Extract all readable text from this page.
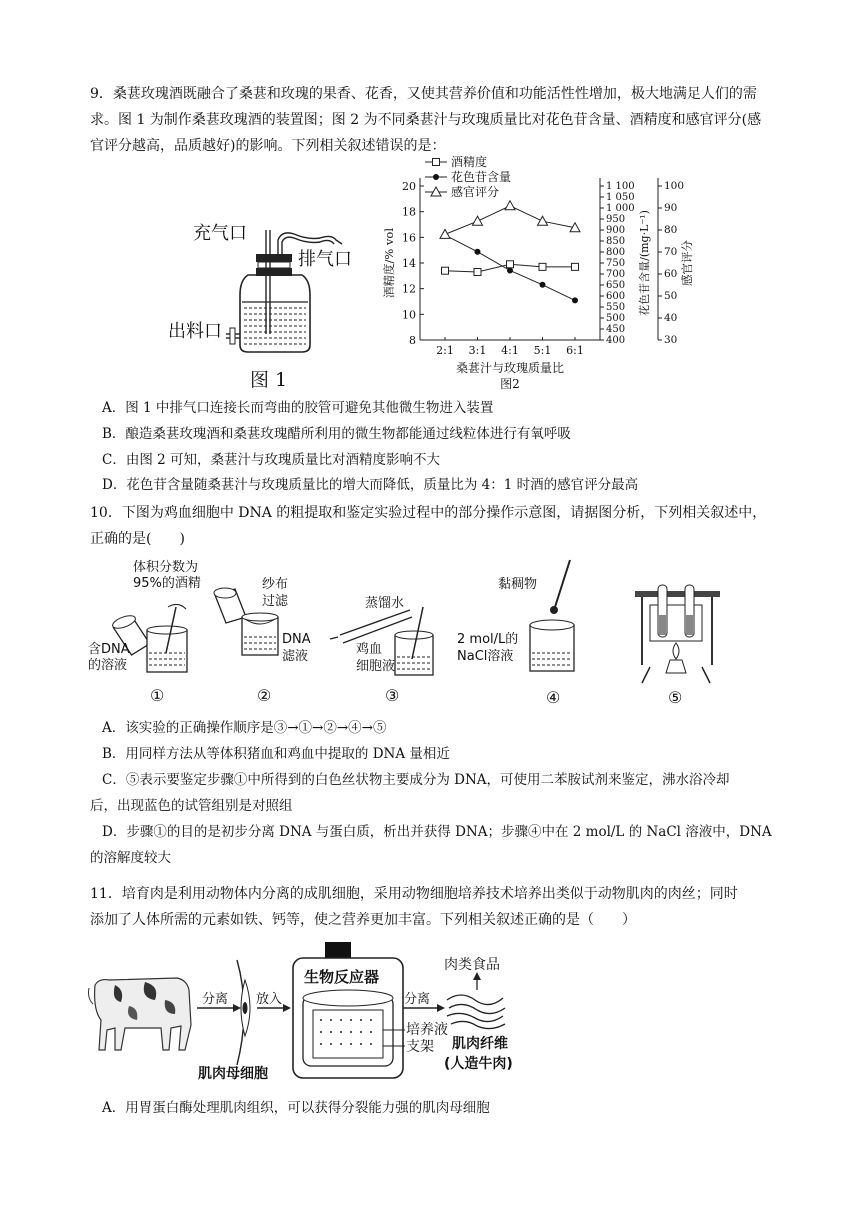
9．桑葚玫瑰酒既融合了桑葚和玫瑰的果香、花香，又使其营养价值和功能活性性增加，极大地满足人们的需
求。图 1 为制作桑葚玫瑰酒的装置图；图 2 为不同桑葚汁与玫瑰质量比对花色苷含量、酒精度和感官评分(感
官评分越高，品质越好)的影响。下列相关叙述错误的是：
充气口
排气口
出料口
图 1
8
10
12
14
16
18
20
400
450
500
550
600
650
700
750
800
850
900
950
1 000
1 050
1 100
30
40
50
60
70
80
90
100
2:1 3:1 4:1 5:1 6:1
酒精度/% vol	花色苷含量/(mg·L⁻¹)	感官评分
桑葚汁与玫瑰质量比
图2
酒精度
花色苷含量
感官评分
A．图 1 中排气口连接长而弯曲的胶管可避免其他微生物进入装置
B．酿造桑葚玫瑰酒和桑葚玫瑰醋所利用的微生物都能通过线粒体进行有氧呼吸
C．由图 2 可知，桑葚汁与玫瑰质量比对酒精度影响不大
D．花色苷含量随桑葚汁与玫瑰质量比的增大而降低，质量比为 4：1 时酒的感官评分最高
10．下图为鸡血细胞中 DNA 的粗提取和鉴定实验过程中的部分操作示意图，请据图分析，下列相关叙述中，
正确的是(　　)
体积分数为
95%的酒精
含DNA
的溶液
纱布
过滤
DNA
滤液
蒸馏水
鸡血
细胞液
黏稠物
2 mol/L的
NaCl溶液
①	②	③	④	⑤
A．该实验的正确操作顺序是③→①→②→④→⑤
B．用同样方法从等体积猪血和鸡血中提取的 DNA 量相近
C．⑤表示要鉴定步骤①中所得到的白色丝状物主要成分为 DNA，可使用二苯胺试剂来鉴定，沸水浴冷却
后，出现蓝色的试管组别是对照组
D．步骤①的目的是初步分离 DNA 与蛋白质，析出并获得 DNA；步骤④中在 2 mol/L 的 NaCl 溶液中，DNA
的溶解度较大
11．培育肉是利用动物体内分离的成肌细胞，采用动物细胞培养技术培养出类似于动物肌肉的肉丝；同时
添加了人体所需的元素如铁、钙等，使之营养更加丰富。下列相关叙述正确的是（　　）
分离 放入
生物反应器
分离
培养液
支架
肉类食品
肌肉纤维
(人造牛肉)
肌肉母细胞
A．用胃蛋白酶处理肌肉组织，可以获得分裂能力强的肌肉母细胞
